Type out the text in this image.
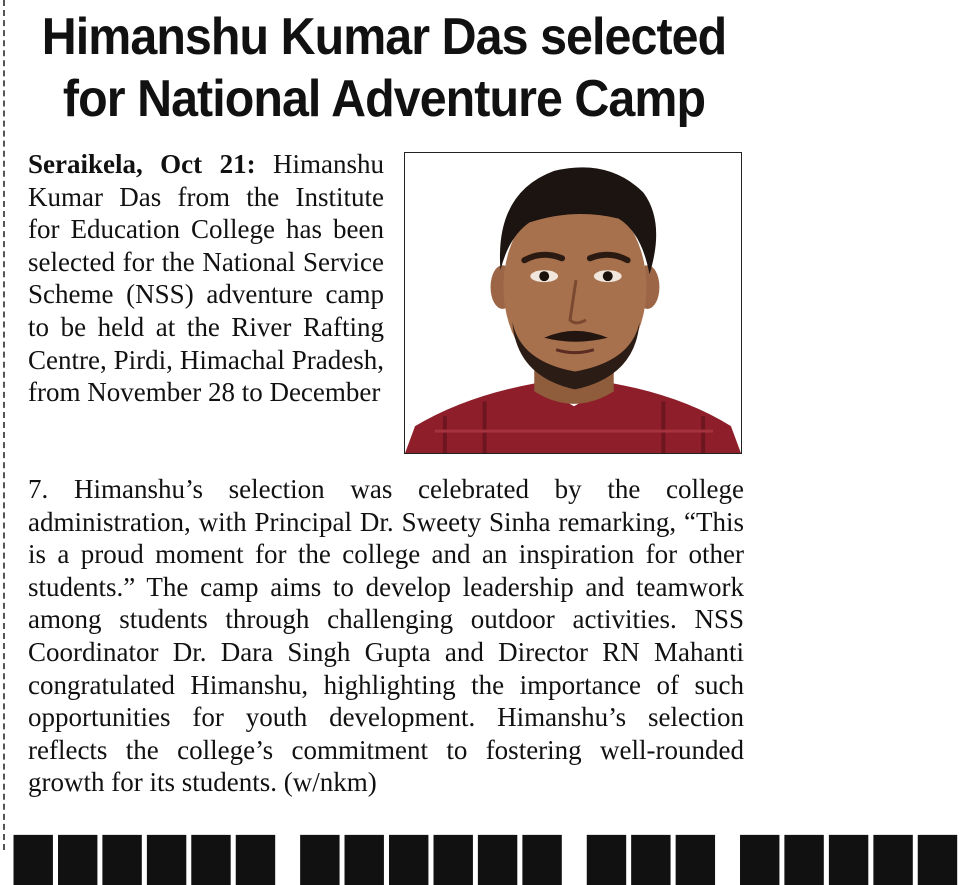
Himanshu Kumar Das selected for National Adventure Camp

Seraikela, Oct 21: Himanshu Kumar Das from the Institute for Education College has been selected for the National Service Scheme (NSS) adventure camp to be held at the River Rafting Centre, Pirdi, Himachal Pradesh, from November 28 to December

7. Himanshu’s selection was celebrated by the college administration, with Principal Dr. Sweety Sinha remarking, “This is a proud moment for the college and an inspiration for other students.” The camp aims to develop leadership and teamwork among students through challenging outdoor activities. NSS Coordinator Dr. Dara Singh Gupta and Director RN Mahanti congratulated Himanshu, highlighting the importance of such opportunities for youth development. Himanshu’s selection reflects the college’s commitment to fostering well-rounded growth for its students. (w/nkm)

▇▇▇▇▇▇ ▇▇▇▇▇▇ ▇▇▇ ▇▇▇▇▇
